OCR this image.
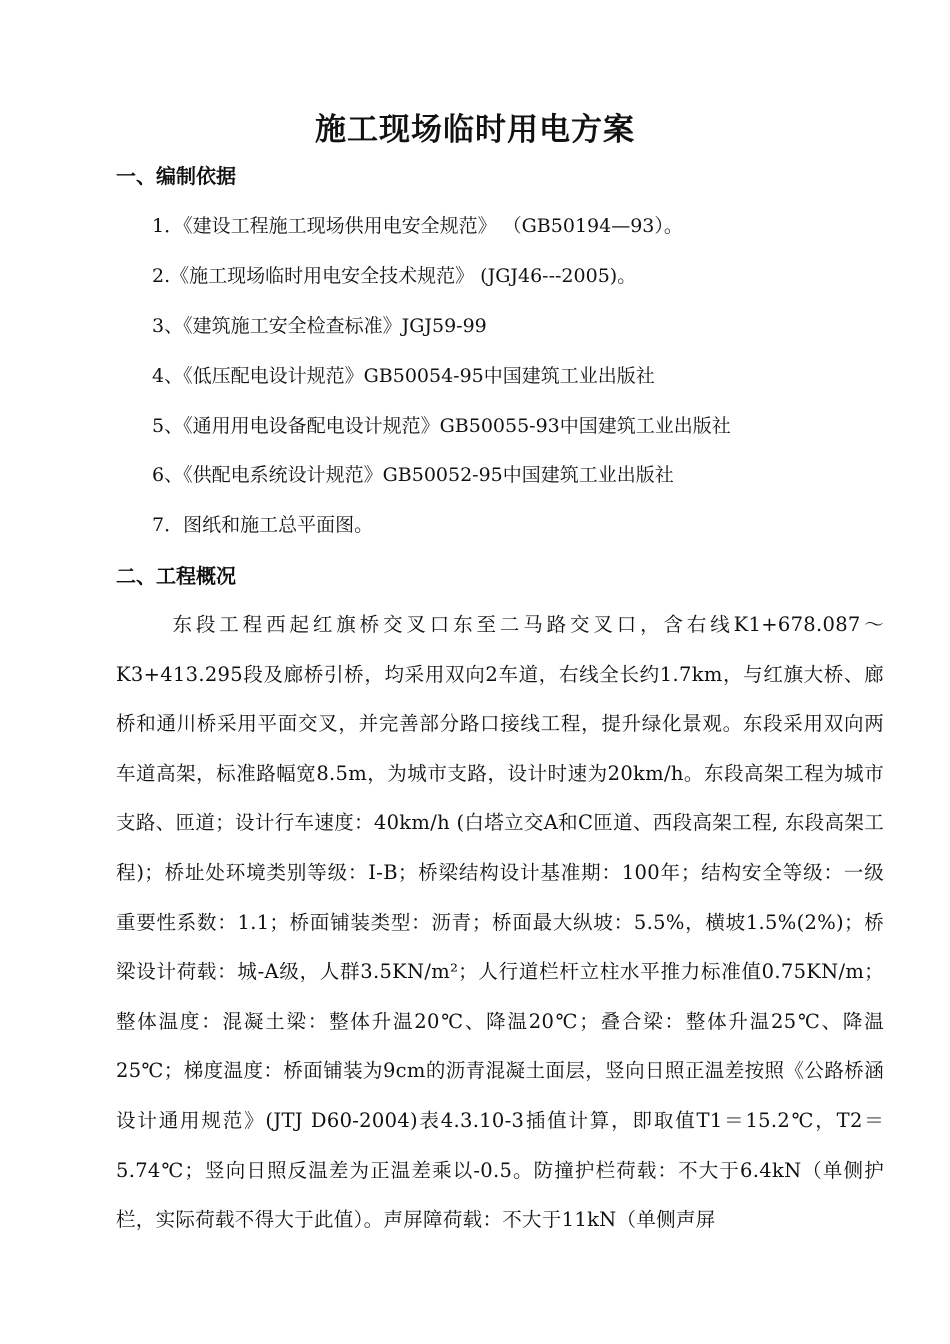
施工现场临时用电方案
一、编制依据
1．《建设工程施工现场供用电安全规范》 （GB50194—93）。
2.《施工现场临时用电安全技术规范》 (JGJ46---2005)。
3、《建筑施工安全检查标准》JGJ59-99
4、《低压配电设计规范》GB50054-95中国建筑工业出版社
5、《通用用电设备配电设计规范》GB50055-93中国建筑工业出版社
6、《供配电系统设计规范》GB50052-95中国建筑工业出版社
7．图纸和施工总平面图。
二、工程概况

东段工程西起红旗桥交叉口东至二马路交叉口，含右线K1+678.087～K3+413.295段及廊桥引桥，均采用双向2车道，右线全长约1.7km，与红旗大桥、廊桥和通川桥采用平面交叉，并完善部分路口接线工程，提升绿化景观。东段采用双向两车道高架，标准路幅宽8.5m，为城市支路，设计时速为20km/h。东段高架工程为城市支路、匝道；设计行车速度：40km/h (白塔立交A和C匝道、西段高架工程, 东段高架工程)；桥址处环境类别等级：I-B；桥梁结构设计基准期：100年；结构安全等级：一级重要性系数：1.1；桥面铺装类型：沥青；桥面最大纵坡：5.5%，横坡1.5%(2%)；桥梁设计荷载：城-A级，人群3.5KN/m²；人行道栏杆立柱水平推力标准值0.75KN/m；整体温度：混凝土梁：整体升温20℃、降温20℃；叠合梁：整体升温25℃、降温25℃；梯度温度：桥面铺装为9cm的沥青混凝土面层，竖向日照正温差按照《公路桥涵设计通用规范》(JTJ D60-2004)表4.3.10-3插值计算，即取值T1＝15.2℃，T2＝5.74℃；竖向日照反温差为正温差乘以-0.5。防撞护栏荷载：不大于6.4kN（单侧护栏，实际荷载不得大于此值）。声屏障荷载：不大于11kN（单侧声屏
